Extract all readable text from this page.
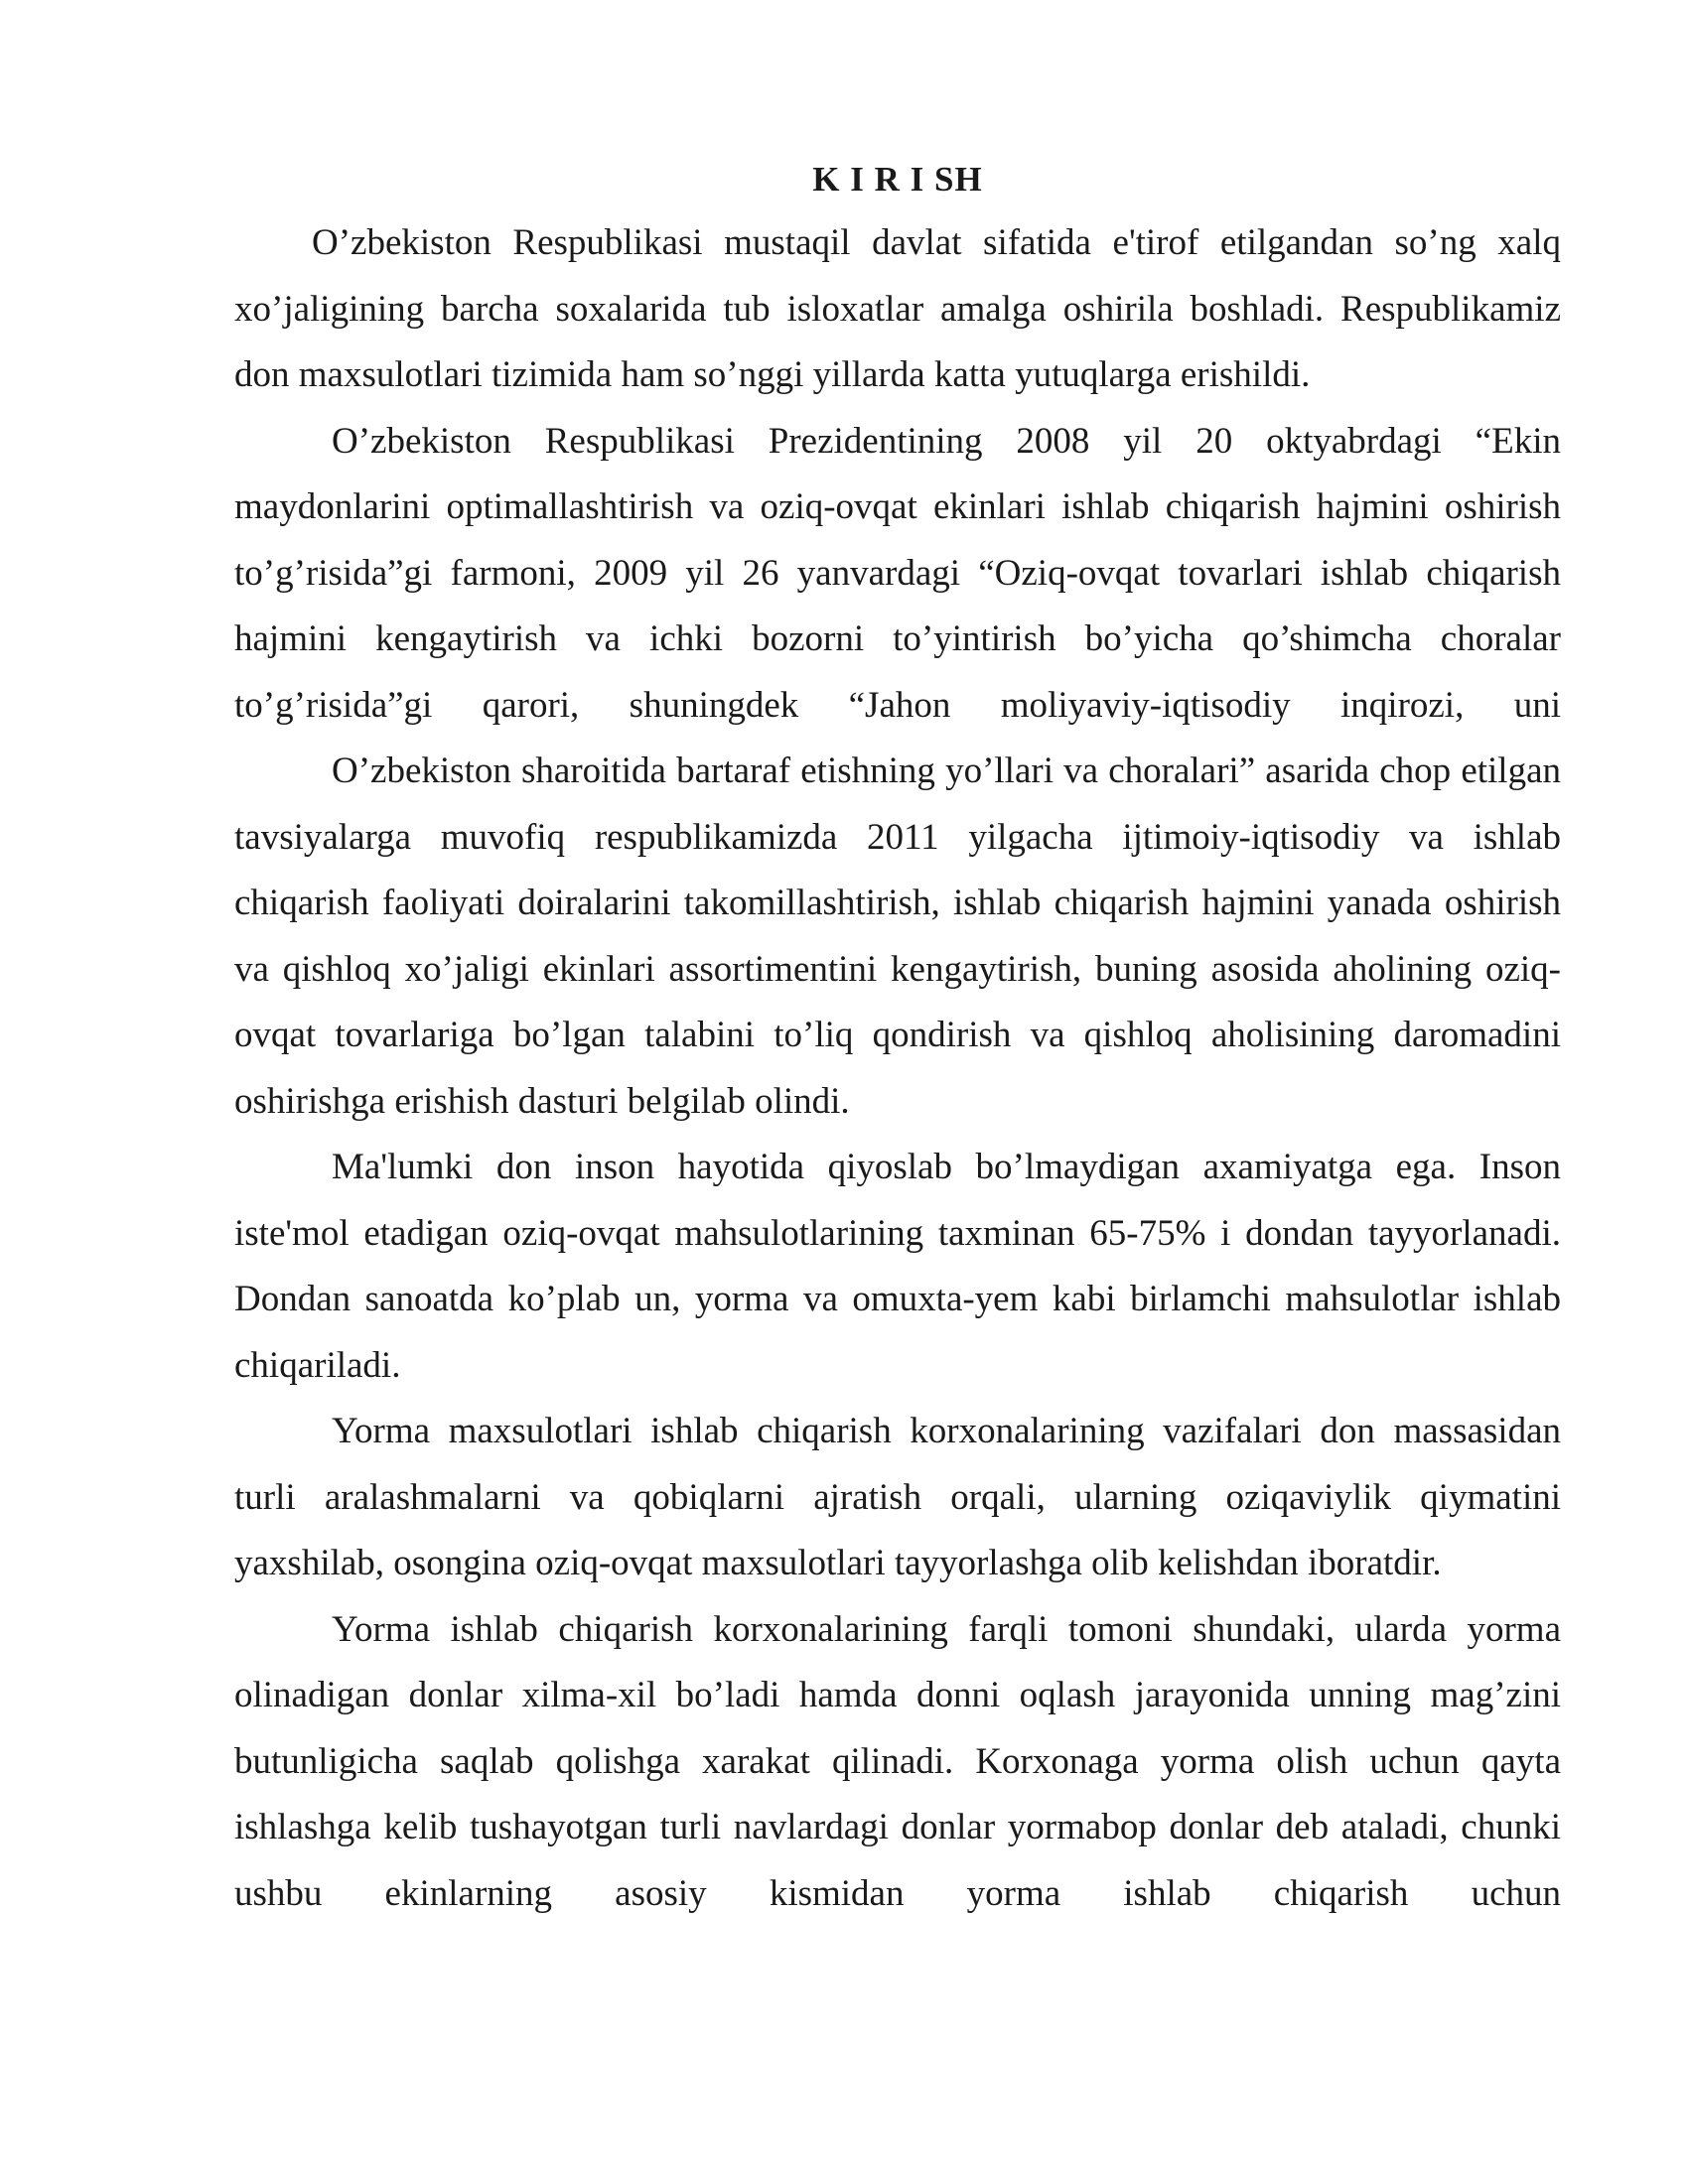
K I R I SH

O’zbekiston Respublikasi mustaqil davlat sifatida e'tirof etilgandan so’ng xalq xo’jaligining barcha soxalarida tub isloxatlar amalga oshirila boshladi. Respublikamiz don maxsulotlari tizimida ham so’nggi yillarda katta yutuqlarga erishildi.

O’zbekiston Respublikasi Prezidentining 2008 yil 20 oktyabrdagi “Ekin maydonlarini optimallashtirish va oziq-ovqat ekinlari ishlab chiqarish hajmini oshirish to’g’risida”gi farmoni, 2009 yil 26 yanvardagi “Oziq-ovqat tovarlari ishlab chiqarish hajmini kengaytirish va ichki bozorni to’yintirish bo’yicha qo’shimcha choralar to’g’risida”gi qarori, shuningdek “Jahon moliyaviy-iqtisodiy inqirozi, uni

O’zbekiston sharoitida bartaraf etishning yo’llari va choralari” asarida chop etilgan tavsiyalarga muvofiq respublikamizda 2011 yilgacha ijtimoiy-iqtisodiy va ishlab chiqarish faoliyati doiralarini takomillashtirish, ishlab chiqarish hajmini yanada oshirish va qishloq xo’jaligi ekinlari assortimentini kengaytirish, buning asosida aholining oziq-ovqat tovarlariga bo’lgan talabini to’liq qondirish va qishloq aholisining daromadini oshirishga erishish dasturi belgilab olindi.

Ma'lumki don inson hayotida qiyoslab bo’lmaydigan axamiyatga ega. Inson iste'mol etadigan oziq-ovqat mahsulotlarining taxminan 65-75% i dondan tayyorlanadi. Dondan sanoatda ko’plab un, yorma va omuxta-yem kabi birlamchi mahsulotlar ishlab chiqariladi.

Yorma maxsulotlari ishlab chiqarish korxonalarining vazifalari don massasidan turli aralashmalarni va qobiqlarni ajratish orqali, ularning oziqaviylik qiymatini yaxshilab, osongina oziq-ovqat maxsulotlari tayyorlashga olib kelishdan iboratdir.

Yorma ishlab chiqarish korxonalarining farqli tomoni shundaki, ularda yorma olinadigan donlar xilma-xil bo’ladi hamda donni oqlash jarayonida unning mag’zini butunligicha saqlab qolishga xarakat qilinadi. Korxonaga yorma olish uchun qayta ishlashga kelib tushayotgan turli navlardagi donlar yormabop donlar deb ataladi, chunki ushbu ekinlarning asosiy kismidan yorma ishlab chiqarish uchun
